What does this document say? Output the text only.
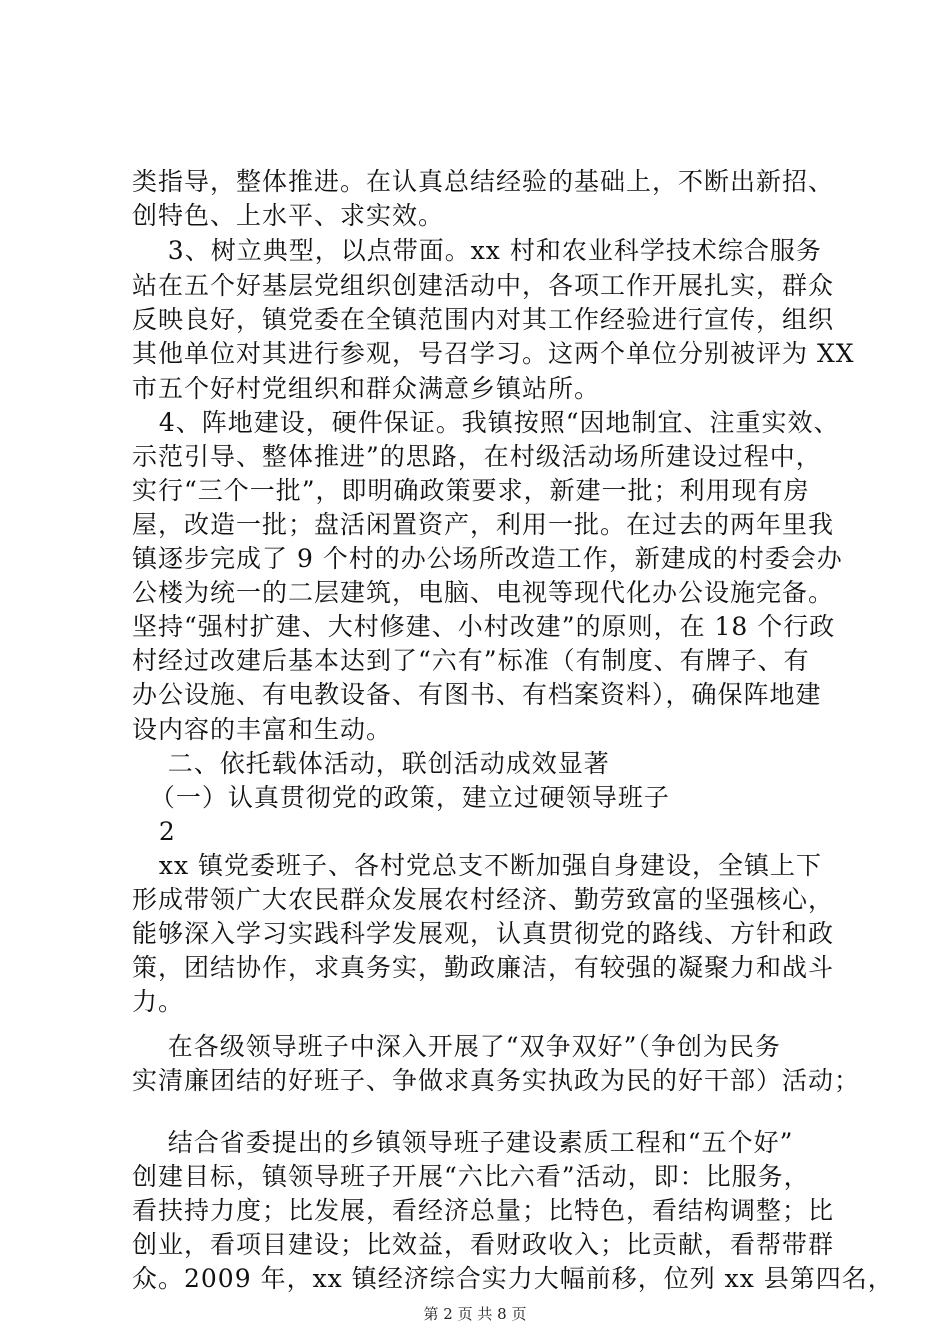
类指导，整体推进。在认真总结经验的基础上，不断出新招、
创特色、上水平、求实效。
3、树立典型，以点带面。xx 村和农业科学技术综合服务
站在五个好基层党组织创建活动中，各项工作开展扎实，群众
反映良好，镇党委在全镇范围内对其工作经验进行宣传，组织
其他单位对其进行参观，号召学习。这两个单位分别被评为 XX
市五个好村党组织和群众满意乡镇站所。
4、阵地建设，硬件保证。我镇按照“因地制宜、注重实效、
示范引导、整体推进”的思路，在村级活动场所建设过程中，
实行“三个一批”，即明确政策要求，新建一批；利用现有房
屋，改造一批；盘活闲置资产，利用一批。在过去的两年里我
镇逐步完成了 9 个村的办公场所改造工作，新建成的村委会办
公楼为统一的二层建筑，电脑、电视等现代化办公设施完备。
坚持“强村扩建、大村修建、小村改建”的原则，在 18 个行政
村经过改建后基本达到了“六有”标准（有制度、有牌子、有
办公设施、有电教设备、有图书、有档案资料），确保阵地建
设内容的丰富和生动。
二、依托载体活动，联创活动成效显著
（一）认真贯彻党的政策，建立过硬领导班子
2
xx 镇党委班子、各村党总支不断加强自身建设，全镇上下
形成带领广大农民群众发展农村经济、勤劳致富的坚强核心，
能够深入学习实践科学发展观，认真贯彻党的路线、方针和政
策，团结协作，求真务实，勤政廉洁，有较强的凝聚力和战斗
力。
在各级领导班子中深入开展了“双争双好”（争创为民务
实清廉团结的好班子、争做求真务实执政为民的好干部）活动；
结合省委提出的乡镇领导班子建设素质工程和“五个好”
创建目标，镇领导班子开展“六比六看”活动，即：比服务，
看扶持力度；比发展，看经济总量；比特色，看结构调整；比
创业，看项目建设；比效益，看财政收入；比贡献，看帮带群
众。2009 年，xx 镇经济综合实力大幅前移，位列 xx 县第四名，
第 2 页 共 8 页
